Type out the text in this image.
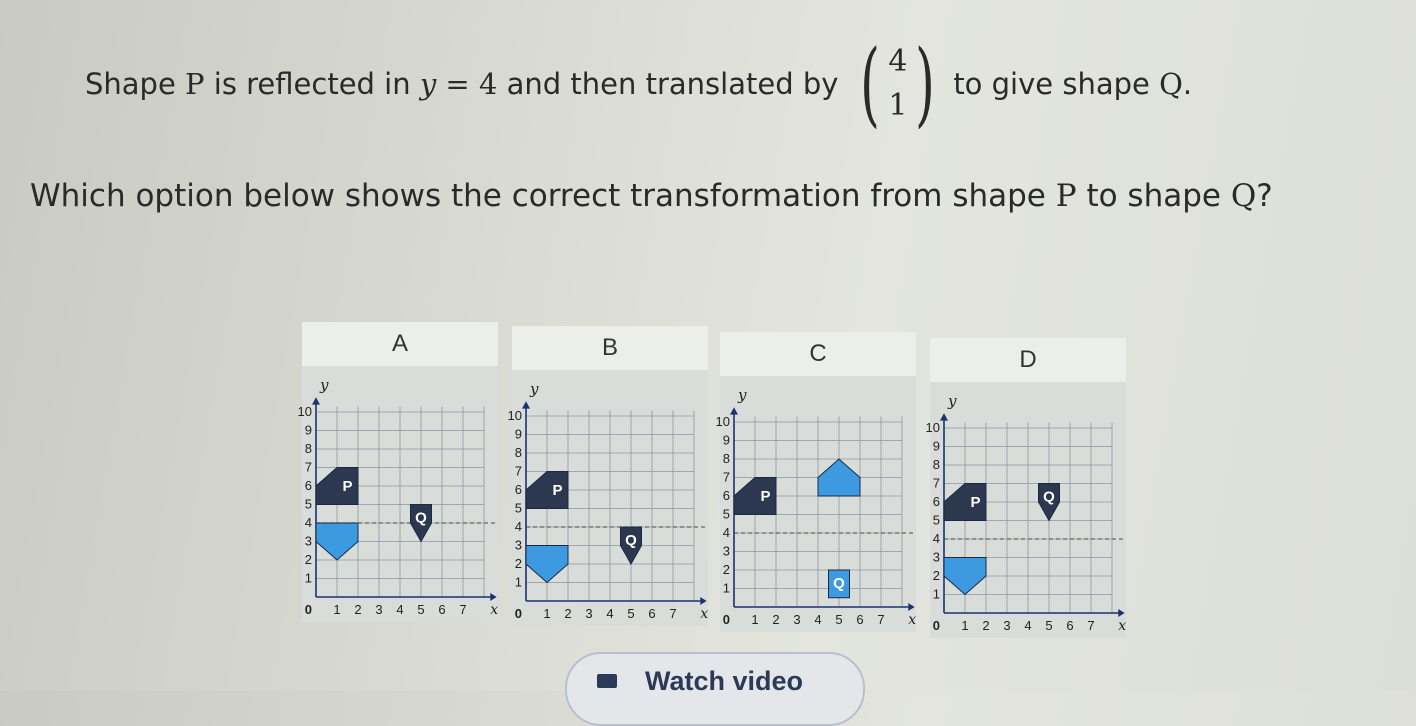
Shape P is reflected in y = 4 and then translated by ( 4
1 ) to give shape Q .
Which option below shows the correct transformation from shape P to shape Q?
A
1 2 3 4 5 6 7
1
2
3
4
5
6
7
8
9
10
0
y
x
P
Q
B
1 2 3 4 5 6 7
1
2
3
4
5
6
7
8
9
10
0
y
x
P
Q
C
1 2 3 4 5 6 7
1
2
3
4
5
6
7
8
9
10
0
y
x
P
Q
D
1 2 3 4 5 6 7
1
2
3
4
5
6
7
8
9
10
0
y
x
P	Q
Watch video
